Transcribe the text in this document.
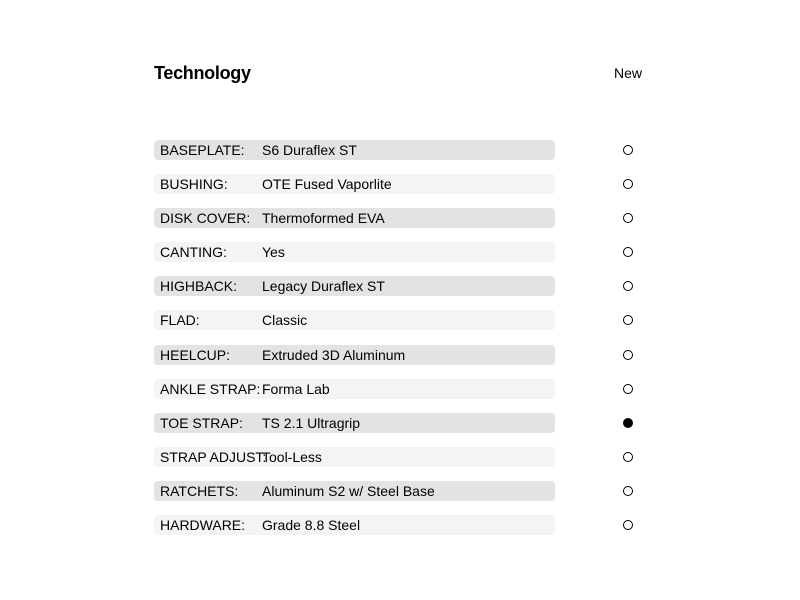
Technology	New
BASEPLATE: S6 Duraflex ST
BUSHING: OTE Fused Vaporlite
DISK COVER: Thermoformed EVA
CANTING:	Yes
HIGHBACK: Legacy Duraflex ST
FLAD:	Classic
HEELCUP: Extruded 3D Aluminum
ANKLE STRAP: Forma Lab
TOE STRAP: TS 2.1 Ultragrip
STRAP ADJUST:
Tool-Less
RATCHETS: Aluminum S2 w/ Steel Base
HARDWARE: Grade 8.8 Steel
